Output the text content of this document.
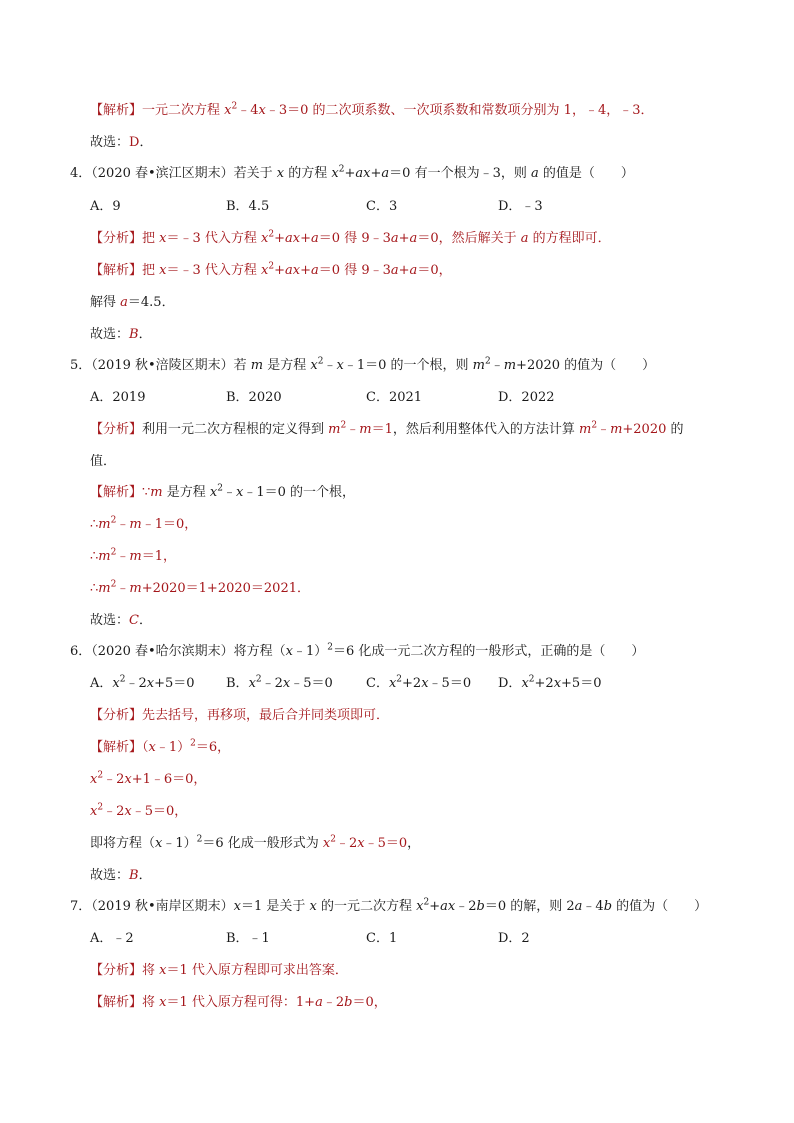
【解析】一元二次方程 $x^2﹣4x﹣3=0$ 的二次项系数、一次项系数和常数项分别为 1，﹣4，﹣3．
故选：D．
4．（2020 春•滨江区期末）若关于 x 的方程 $x^2+ax+a=0$ 有一个根为﹣3，则 a 的值是（　　）
A．9	B．4.5	C．3	D．﹣3
【分析】把 x＝﹣3 代入方程 $x^2+ax+a=0$ 得 9﹣3a+a＝0，然后解关于 a 的方程即可．
【解析】把 x＝﹣3 代入方程 $x^2+ax+a=0$ 得 9﹣3a+a＝0，
解得 a＝4.5．
故选：B．
5．（2019 秋•涪陵区期末）若 m 是方程 $x^2﹣x﹣1=0$ 的一个根，则 $m^2﹣m+2020$ 的值为（　　）
A．2019	B．2020	C．2021	D．2022
【分析】利用一元二次方程根的定义得到 $m^2﹣m=1$，然后利用整体代入的方法计算 $m^2﹣m+2020$ 的
值．
【解析】∵m 是方程 $x^2﹣x﹣1=0$ 的一个根，
$\therefore m^2﹣m﹣1=0$，
$\therefore m^2﹣m=1$，
$\therefore m^2﹣m+2020=1+2020=2021$．
故选：C．
6．（2020 春•哈尔滨期末）将方程（x﹣1）$^2$＝6 化成一元二次方程的一般形式，正确的是（　　）
A．$x^2﹣2x+5=0$ B．$x^2﹣2x﹣5=0$	C．$x^2+2x﹣5=0$ D．$x^2+2x+5=0$
【分析】先去括号，再移项，最后合并同类项即可．
【解析】（x﹣1）$^2$＝6，
$x^2﹣2x+1﹣6=0$，
$x^2﹣2x﹣5=0$，
即将方程（x﹣1）$^2$＝6 化成一般形式为 $x^2﹣2x﹣5=0$，
故选：B．
7．（2019 秋•南岸区期末）x＝1 是关于 x 的一元二次方程 $x^2+ax﹣2b=0$ 的解，则 2a﹣4b 的值为（　　）
A．﹣2	B．﹣1	C．1	D．2
【分析】将 x＝1 代入原方程即可求出答案．
【解析】将 x＝1 代入原方程可得：1+a﹣2b＝0，
